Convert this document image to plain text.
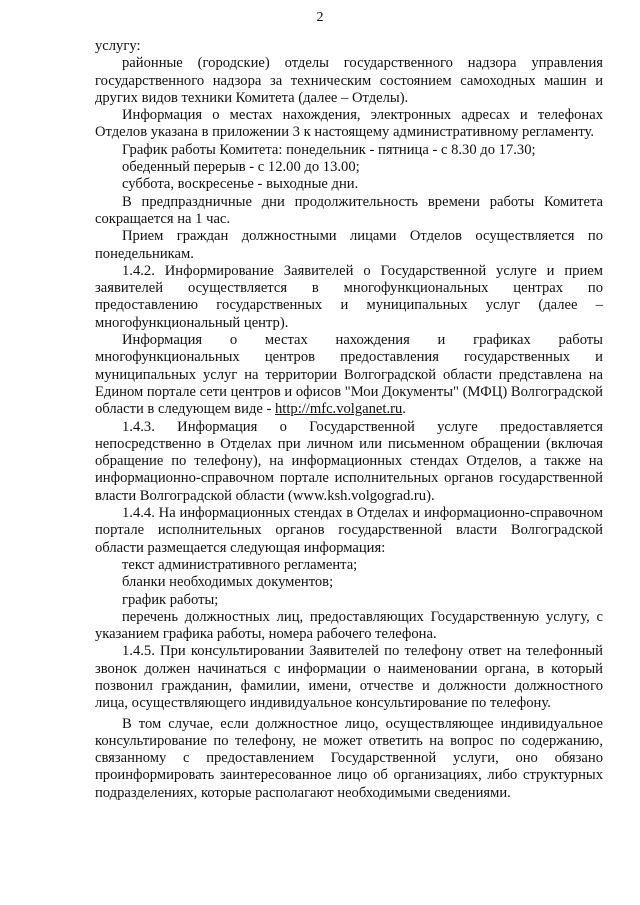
2

услугу:

районные (городские) отделы государственного надзора управления государственного надзора за техническим состоянием самоходных машин и других видов техники Комитета (далее – Отделы).

Информация о местах нахождения, электронных адресах и телефонах Отделов указана в приложении 3 к настоящему административному регламенту.

График работы Комитета: понедельник - пятница - с 8.30 до 17.30;

обеденный перерыв - с 12.00 до 13.00;

суббота, воскресенье - выходные дни.

В предпраздничные дни продолжительность времени работы Комитета сокращается на 1 час.

Прием граждан должностными лицами Отделов осуществляется по понедельникам.

1.4.2. Информирование Заявителей о Государственной услуге и прием заявителей осуществляется в многофункциональных центрах по предоставлению государственных и муниципальных услуг (далее – многофункциональный центр).

Информация о местах нахождения и графиках работы многофункциональных центров предоставления государственных и муниципальных услуг на территории Волгоградской области представлена на Едином портале сети центров и офисов "Мои Документы" (МФЦ) Волгоградской области в следующем виде - http://mfc.volganet.ru.

1.4.3. Информация о Государственной услуге предоставляется непосредственно в Отделах при личном или письменном обращении (включая обращение по телефону), на информационных стендах Отделов, а также на информационно-справочном портале исполнительных органов государственной власти Волгоградской области (www.ksh.volgograd.ru).

1.4.4. На информационных стендах в Отделах и информационно-справочном портале исполнительных органов государственной власти Волгоградской области размещается следующая информация:

текст административного регламента;

бланки необходимых документов;

график работы;

перечень должностных лиц, предоставляющих Государственную услугу, с указанием графика работы, номера рабочего телефона.

1.4.5. При консультировании Заявителей по телефону ответ на телефонный звонок должен начинаться с информации о наименовании органа, в который позвонил гражданин, фамилии, имени, отчестве и должности должностного лица, осуществляющего индивидуальное консультирование по телефону.

В том случае, если должностное лицо, осуществляющее индивидуальное консультирование по телефону, не может ответить на вопрос по содержанию, связанному с предоставлением Государственной услуги, оно обязано проинформировать заинтересованное лицо об организациях, либо структурных подразделениях, которые располагают необходимыми сведениями.
